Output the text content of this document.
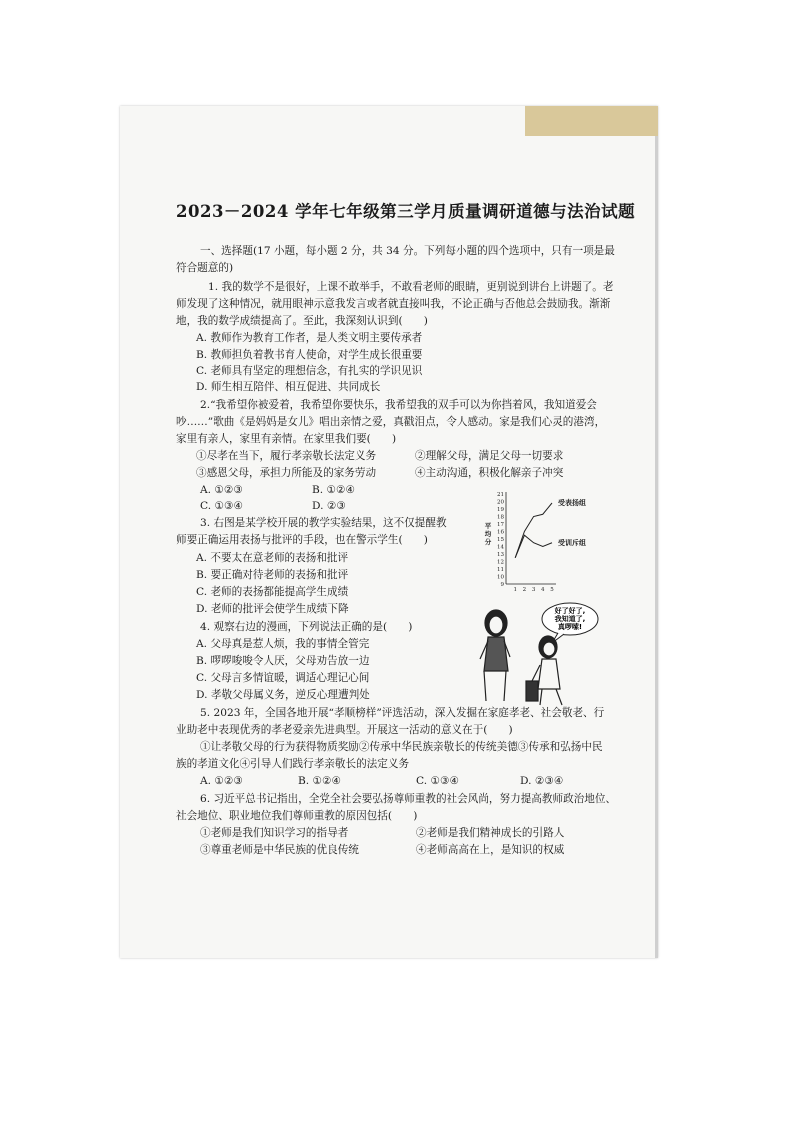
2023－2024 学年七年级第三学月质量调研道德与法治试题
一、选择题(17 小题，每小题 2 分，共 34 分。下列每小题的四个选项中，只有一项是最
符合题意的)
1. 我的数学不是很好，上课不敢举手，不敢看老师的眼睛，更别说到讲台上讲题了。老
师发现了这种情况，就用眼神示意我发言或者就直接叫我，不论正确与否他总会鼓励我。渐渐
地，我的数学成绩提高了。至此，我深刻认识到(　　)
A. 教师作为教育工作者，是人类文明主要传承者
B. 教师担负着教书育人使命，对学生成长很重要
C. 老师具有坚定的理想信念，有扎实的学识见识
D. 师生相互陪伴、相互促进、共同成长
2.“我希望你被爱着，我希望你要快乐，我希望我的双手可以为你挡着风，我知道爱会
吵……”歌曲《是妈妈是女儿》唱出亲情之爱，真戳泪点，令人感动。家是我们心灵的港湾，
家里有亲人，家里有亲情。在家里我们要(　　)
①尽孝在当下，履行孝亲敬长法定义务	②理解父母，满足父母一切要求
③感恩父母，承担力所能及的家务劳动	④主动沟通，积极化解亲子冲突
A. ①②③	B. ①②④
C. ①③④	D. ②③
3. 右图是某学校开展的教学实验结果，这不仅提醒教
师要正确运用表扬与批评的手段，也在警示学生(　　)
A. 不要太在意老师的表扬和批评
B. 要正确对待老师的表扬和批评
C. 老师的表扬都能提高学生成绩
D. 老师的批评会使学生成绩下降
4. 观察右边的漫画，下列说法正确的是(　　)
A. 父母真是惹人烦，我的事情全管完
B. 啰啰唆唆令人厌，父母劝告放一边
C. 父母言多情谊暖，调适心理记心间
D. 孝敬父母属义务，逆反心理遭判处
5. 2023 年，全国各地开展“孝顺榜样”评选活动，深入发掘在家庭孝老、社会敬老、行
业助老中表现优秀的孝老爱亲先进典型。开展这一活动的意义在于(　　)
①让孝敬父母的行为获得物质奖励②传承中华民族亲敬长的传统美德③传承和弘扬中民
族的孝道文化④引导人们践行孝亲敬长的法定义务
A. ①②③	B. ①②④	C. ①③④	D. ②③④
6. 习近平总书记指出，全党全社会要弘扬尊师重教的社会风尚，努力提高教师政治地位、
社会地位、职业地位我们尊师重教的原因包括(　　)
①老师是我们知识学习的指导者	②老师是我们精神成长的引路人
③尊重老师是中华民族的优良传统	④老师高高在上，是知识的权威
9
10
11
12
13
14
15
16
17
18
19
20
21
1 2 3 4 5
平
均
分
受表扬组
受训斥组
好了好了,
我知道了,
真啰嗦!
